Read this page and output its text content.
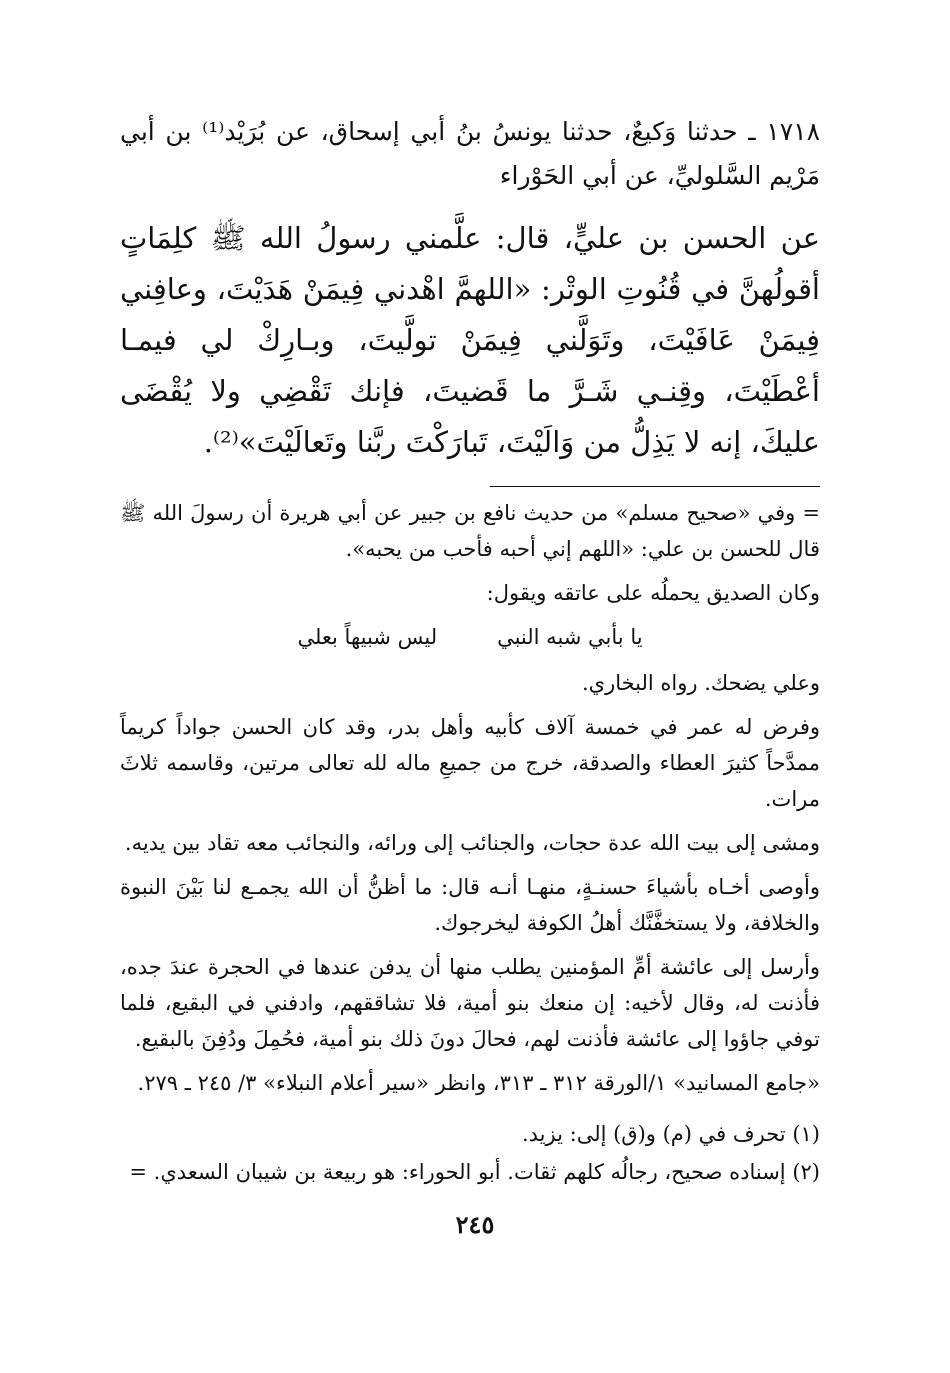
١٧١٨ ـ حدثنا وَكيعٌ، حدثنا يونسُ بنُ أبي إسحاق، عن بُرَيْد⁽¹⁾ بن أبي مَرْيم السَّلوليِّ، عن أبي الحَوْراء
عن الحسن بن عليٍّ، قال: علَّمني رسولُ الله ﷺ كلِمَاتٍ أقولُهنَّ في قُنُوتِ الوتْر: «اللهمَّ اهْدني فِيمَنْ هَدَيْتَ، وعافِني فِيمَنْ عَافَيْتَ، وتَوَلَّني فِيمَنْ تولَّيتَ، وبـارِكْ لي فيمـا أعْطَيْتَ، وقِنـي شَـرَّ ما قَضيتَ، فإنك تَقْضِي ولا يُقْضَى عليكَ، إنه لا يَذِلُّ من وَالَيْتَ، تَبارَكْتَ ربَّنا وتَعالَيْتَ»⁽²⁾.

= وفي «صحيح مسلم» من حديث نافع بن جبير عن أبي هريرة أن رسولَ الله ﷺ قال للحسن بن علي: «اللهم إني أحبه فأحب من يحبه».

وكان الصديق يحملُه على عاتقه ويقول:

يا بأبي شبه النبي
ليس شبيهاً بعلي

وعلي يضحك. رواه البخاري.

وفرض له عمر في خمسة آلاف كأبيه وأهل بدر، وقد كان الحسن جواداً كريماً ممدَّحاً كثيرَ العطاء والصدقة، خرج من جميعِ ماله لله تعالى مرتين، وقاسمه ثلاثَ مرات.

ومشى إلى بيت الله عدة حجات، والجنائب إلى ورائه، والنجائب معه تقاد بين يديه.

وأوصى أخـاه بأشياءَ حسنـةٍ، منهـا أنـه قال: ما أظنُّ أن الله يجمـع لنا بَيْنَ النبوة والخلافة، ولا يستخفَّنَّك أهلُ الكوفة ليخرجوك.

وأرسل إلى عائشة أمِّ المؤمنين يطلب منها أن يدفن عندها في الحجرة عندَ جده، فأذنت له، وقال لأخيه: إن منعك بنو أمية، فلا تشاققهم، وادفني في البقيع، فلما توفي جاؤوا إلى عائشة فأذنت لهم، فحالَ دونَ ذلك بنو أمية، فحُمِلَ ودُفِنَ بالبقيع.

«جامع المسانيد» ١/الورقة ٣١٢ ـ ٣١٣، وانظر «سير أعلام النبلاء» ٣/ ٢٤٥ ـ ٢٧٩.

(١) تحرف في (م) و(ق) إلى: يزيد.

(٢) إسناده صحيح، رجالُه كلهم ثقات. أبو الحوراء: هو ربيعة بن شيبان السعدي. =

٢٤٥
